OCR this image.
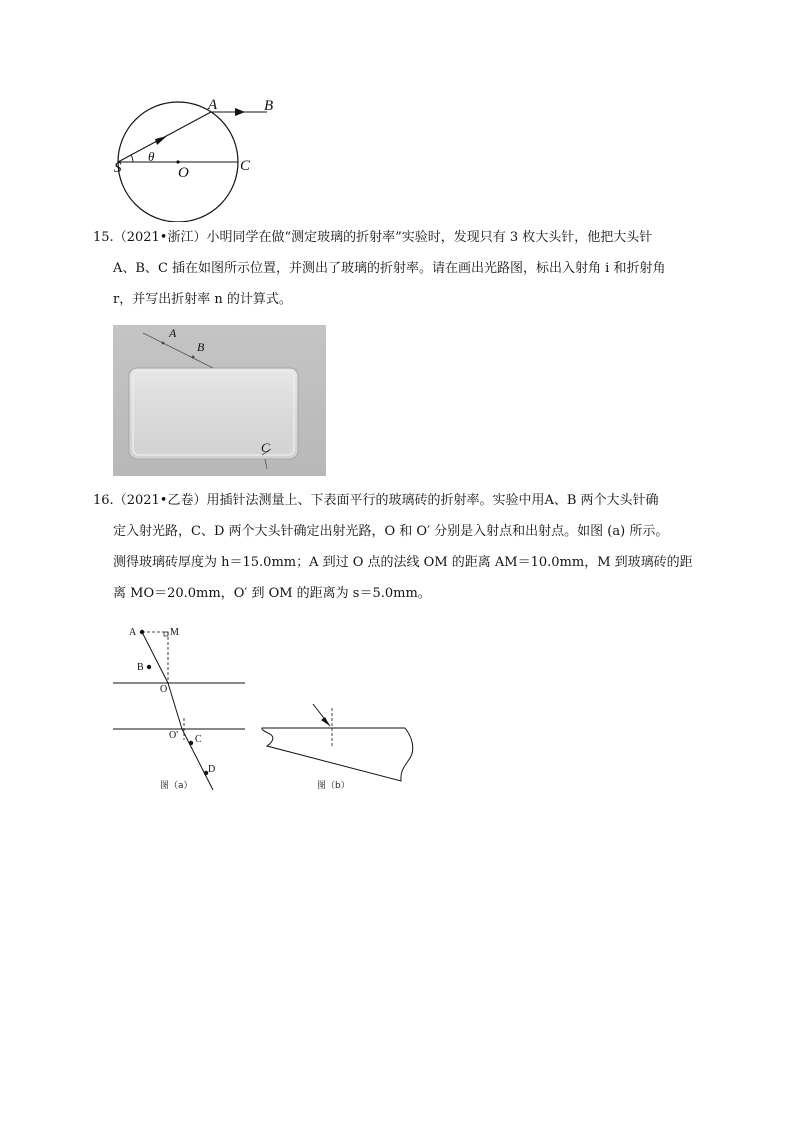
A	B
S	C
O
θ
15.（2021•浙江）小明同学在做“测定玻璃的折射率”实验时，发现只有 3 枚大头针，他把大头针
A、B、C 插在如图所示位置，并测出了玻璃的折射率。请在画出光路图，标出入射角 i 和折射角
r，并写出折射率 n 的计算式。
A
B
C
16.（2021•乙卷）用插针法测量上、下表面平行的玻璃砖的折射率。实验中用A、B 两个大头针确
定入射光路，C、D 两个大头针确定出射光路，O 和 O′ 分别是入射点和出射点。如图 (a) 所示。
测得玻璃砖厚度为 h＝15.0mm；A 到过 O 点的法线 OM 的距离 AM＝10.0mm，M 到玻璃砖的距
离 MO＝20.0mm，O′ 到 OM 的距离为 s＝5.0mm。
A	M
B
O
O' C
D
图（a）	图（b）
